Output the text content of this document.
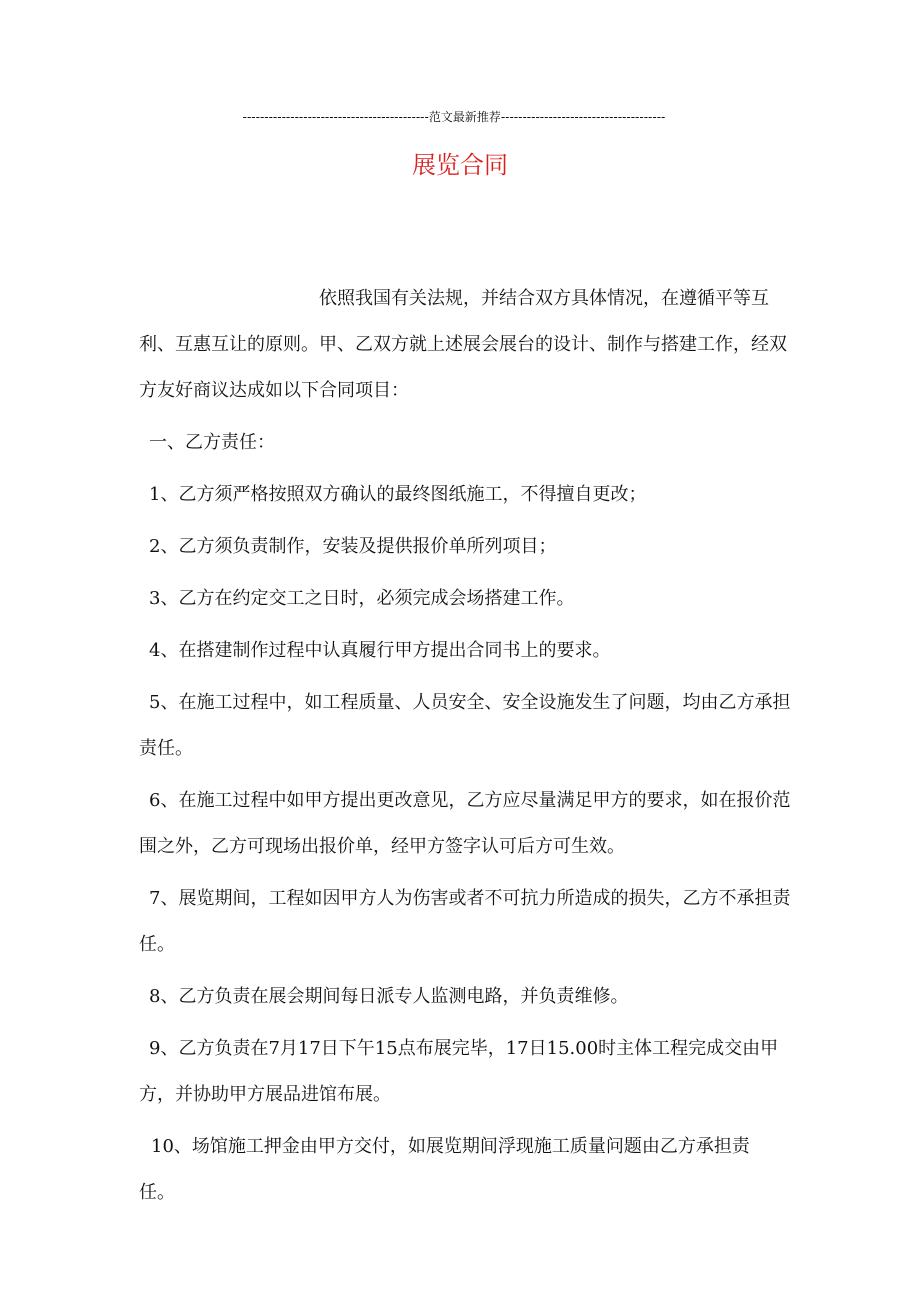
-------------------------------------------范文最新推荐--------------------------------------
展览合同

依照我国有关法规，并结合双方具体情况，在遵循平等互利、互惠互让的原则。甲、乙双方就上述展会展台的设计、制作与搭建工作，经双方友好商议达成如以下合同项目：

一、乙方责任：

1、乙方须严格按照双方确认的最终图纸施工，不得擅自更改；

2、乙方须负责制作，安装及提供报价单所列项目；

3、乙方在约定交工之日时，必须完成会场搭建工作。

4、在搭建制作过程中认真履行甲方提出合同书上的要求。

5、在施工过程中，如工程质量、人员安全、安全设施发生了问题，均由乙方承担责任。

6、在施工过程中如甲方提出更改意见，乙方应尽量满足甲方的要求，如在报价范围之外，乙方可现场出报价单，经甲方签字认可后方可生效。

7、展览期间，工程如因甲方人为伤害或者不可抗力所造成的损失，乙方不承担责任。

8、乙方负责在展会期间每日派专人监测电路，并负责维修。

9、乙方负责在7月17日下午15点布展完毕，17日15.00时主体工程完成交由甲方，并协助甲方展品进馆布展。

10、场馆施工押金由甲方交付，如展览期间浮现施工质量问题由乙方承担责任。
